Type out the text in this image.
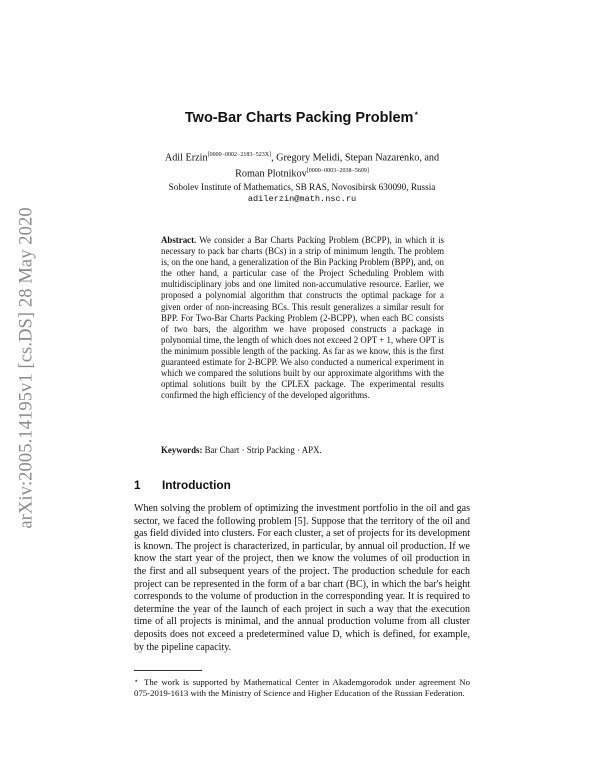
arXiv:2005.14195v1 [cs.DS] 28 May 2020
Two-Bar Charts Packing Problem⋆
Adil Erzin[0000−0002−2183−523X], Gregory Melidi, Stepan Nazarenko, and
Roman Plotnikov[0000−0003−2038−5609]
Sobolev Institute of Mathematics, SB RAS, Novosibirsk 630090, Russia
adilerzin@math.nsc.ru
Abstract. We consider a Bar Charts Packing Problem (BCPP), in which it is necessary to pack bar charts (BCs) in a strip of minimum length. The problem is, on the one hand, a generalization of the Bin Packing Problem (BPP), and, on the other hand, a particular case of the Project Scheduling Problem with multidisciplinary jobs and one limited non-accumulative resource. Earlier, we proposed a polynomial algorithm that constructs the optimal package for a given order of non-increasing BCs. This result generalizes a similar result for BPP. For Two-Bar Charts Packing Problem (2-BCPP), when each BC consists of two bars, the algorithm we have proposed constructs a package in polynomial time, the length of which does not exceed 2 OPT + 1, where OPT is the minimum possible length of the packing. As far as we know, this is the first guaranteed estimate for 2-BCPP. We also conducted a numerical experiment in which we compared the solutions built by our approximate algorithms with the optimal solutions built by the CPLEX package. The experimental results confirmed the high efficiency of the developed algorithms.
Keywords: Bar Chart · Strip Packing · APX.
1 Introduction
When solving the problem of optimizing the investment portfolio in the oil and gas sector, we faced the following problem [5]. Suppose that the territory of the oil and gas field divided into clusters. For each cluster, a set of projects for its development is known. The project is characterized, in particular, by annual oil production. If we know the start year of the project, then we know the volumes of oil production in the first and all subsequent years of the project. The production schedule for each project can be represented in the form of a bar chart (BC), in which the bar's height corresponds to the volume of production in the corresponding year. It is required to determine the year of the launch of each project in such a way that the execution time of all projects is minimal, and the annual production volume from all cluster deposits does not exceed a predetermined value D, which is defined, for example, by the pipeline capacity.
⋆ The work is supported by Mathematical Center in Akademgorodok under agreement No 075-2019-1613 with the Ministry of Science and Higher Education of the Russian Federation.
